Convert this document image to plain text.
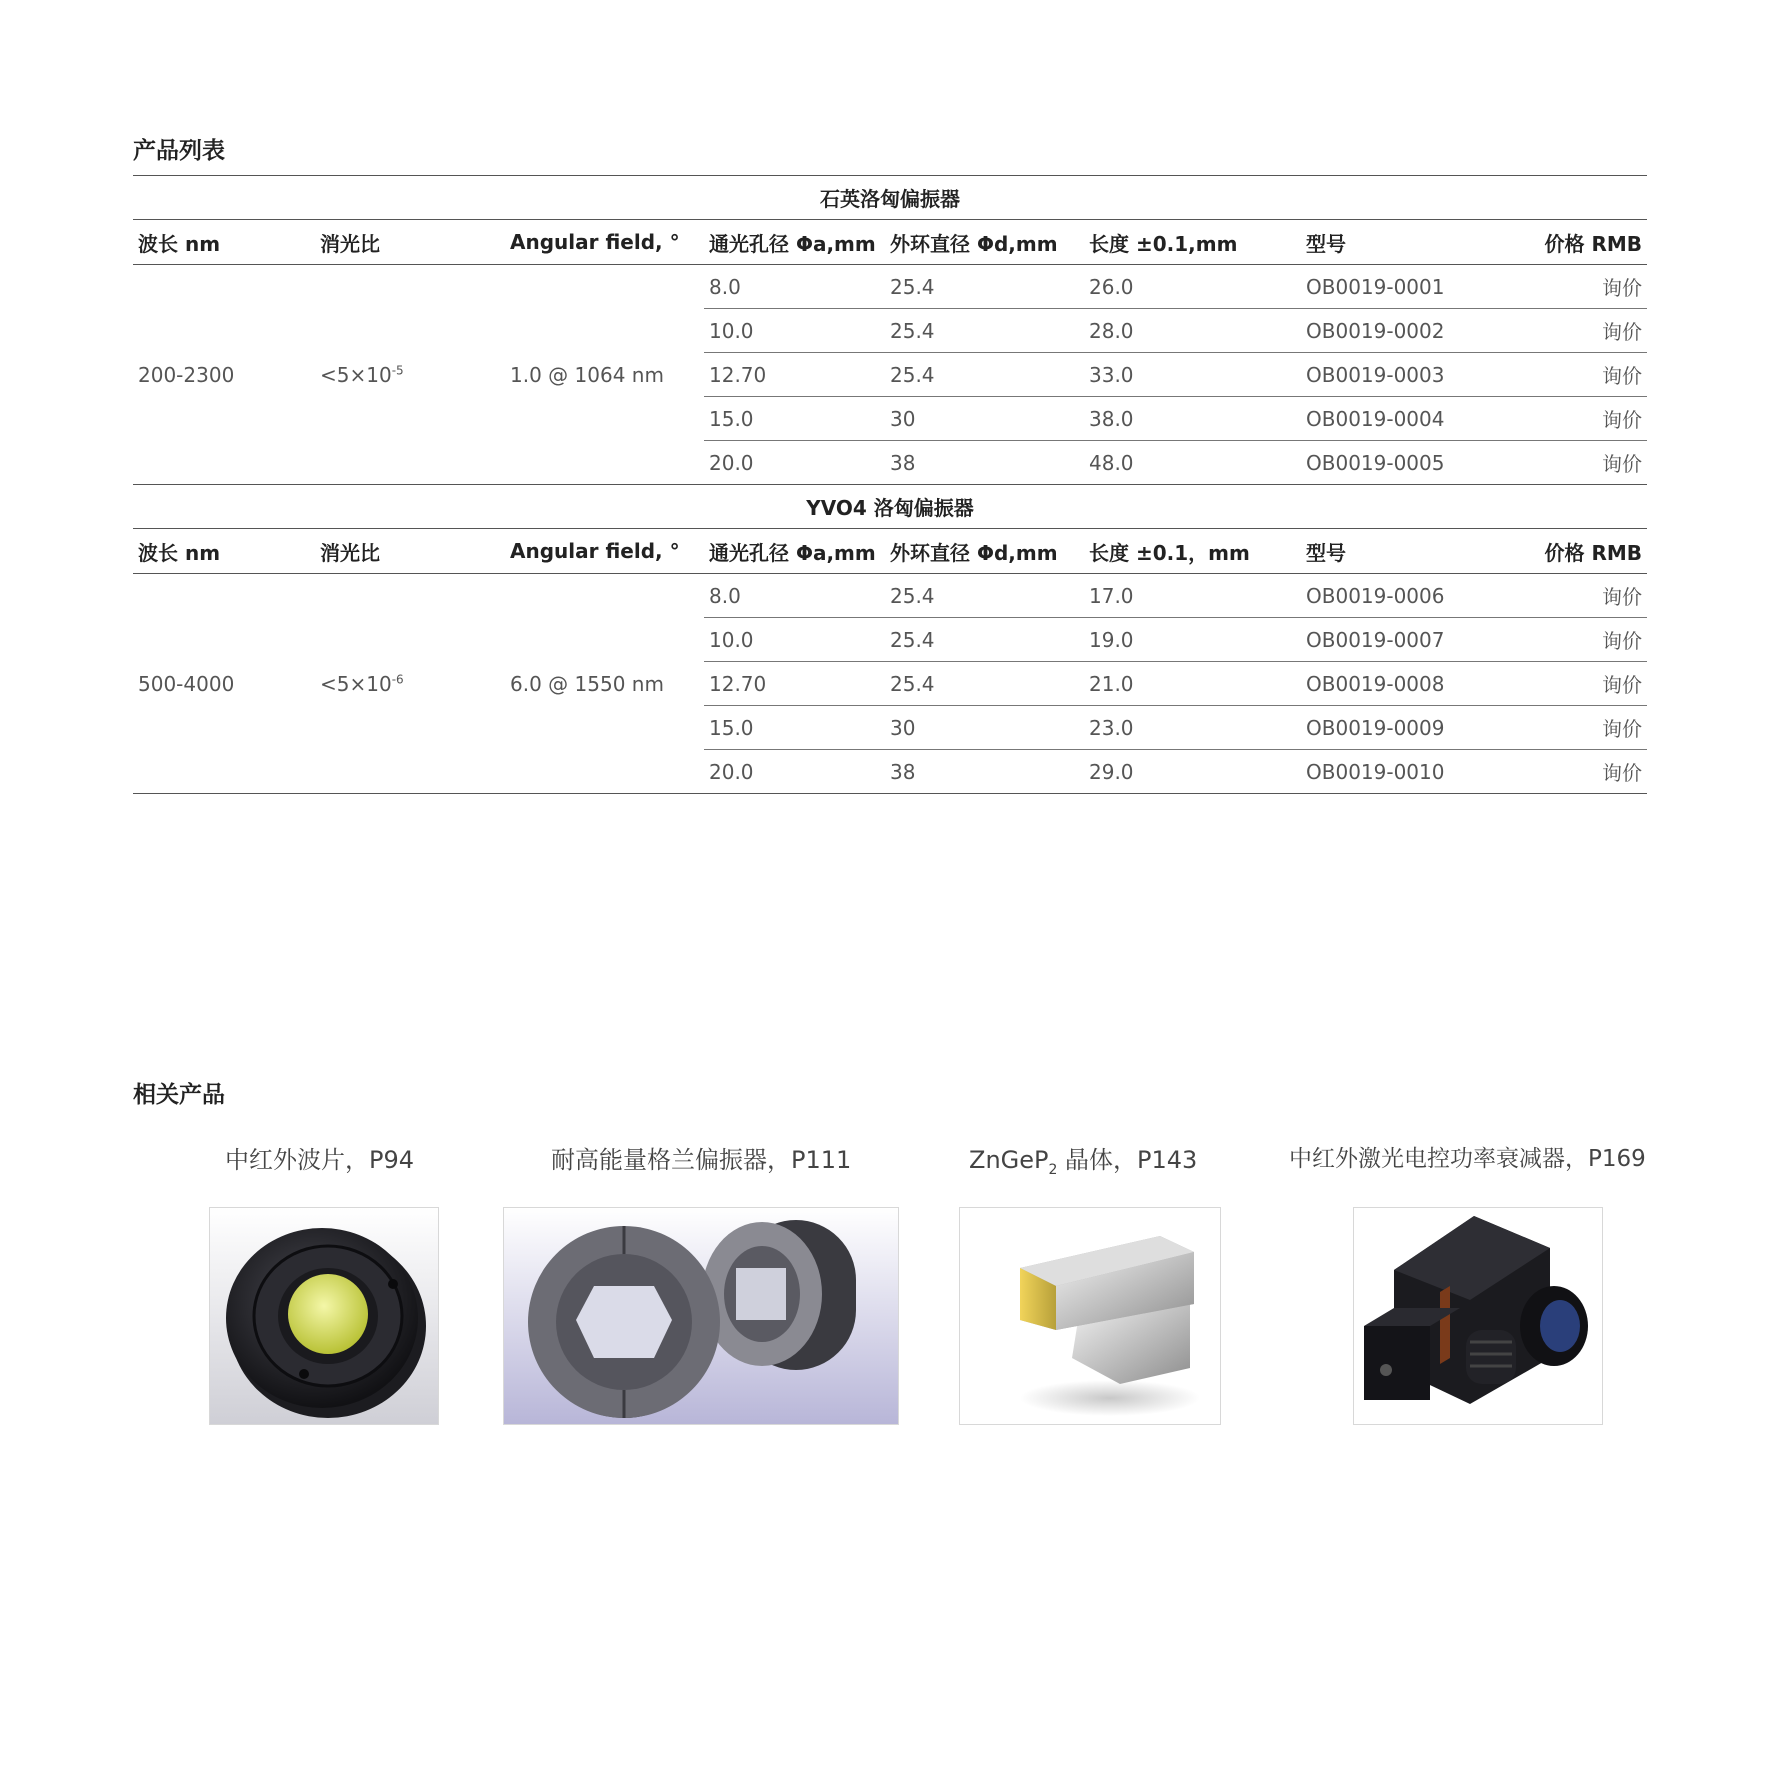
产品列表
石英洛匈偏振器							
波长 nm	消光比	Angular field, °	通光孔径 Φa,mm	外环直径 Φd,mm	长度 ±0.1,mm	型号	价格 RMB
200-2300	$<5\times 10^{-5}$	1.0 @ 1064 nm	8.0	25.4	26.0	OB0019-0001	询价
			10.0	25.4	28.0	OB0019-0002	询价
			12.70	25.4	33.0	OB0019-0003	询价
			15.0	30	38.0	OB0019-0004	询价
			20.0	38	48.0	OB0019-0005	询价
YVO4 洛匈偏振器							
波长 nm	消光比	Angular field, °	通光孔径 Φa,mm	外环直径 Φd,mm	长度 ±0.1，mm	型号	价格 RMB
500-4000	$<5\times 10^{-6}$	6.0 @ 1550 nm	8.0	25.4	17.0	OB0019-0006	询价
			10.0	25.4	19.0	OB0019-0007	询价
			12.70	25.4	21.0	OB0019-0008	询价
			15.0	30	23.0	OB0019-0009	询价
			20.0	38	29.0	OB0019-0010	询价
相关产品
中红外波片，P94	耐高能量格兰偏振器，P111	ZnGeP$_2$ 晶体，P143	中红外激光电控功率衰减器，P169
